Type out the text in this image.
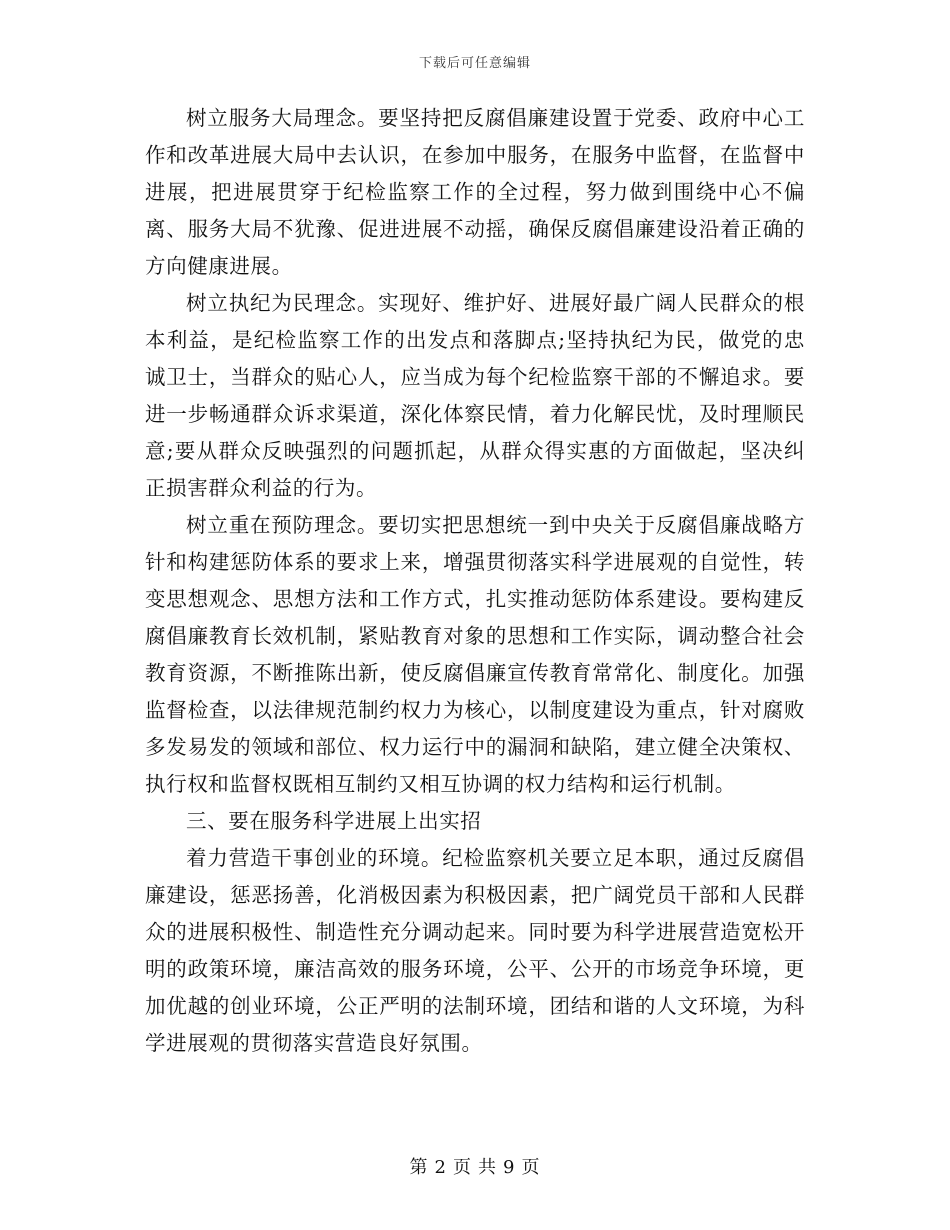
下载后可任意编辑

树立服务大局理念。要坚持把反腐倡廉建设置于党委、政府中心工作和改革进展大局中去认识，在参加中服务，在服务中监督，在监督中进展，把进展贯穿于纪检监察工作的全过程，努力做到围绕中心不偏离、服务大局不犹豫、促进进展不动摇，确保反腐倡廉建设沿着正确的方向健康进展。

树立执纪为民理念。实现好、维护好、进展好最广阔人民群众的根本利益，是纪检监察工作的出发点和落脚点;坚持执纪为民，做党的忠诚卫士，当群众的贴心人，应当成为每个纪检监察干部的不懈追求。要进一步畅通群众诉求渠道，深化体察民情，着力化解民忧，及时理顺民意;要从群众反映强烈的问题抓起，从群众得实惠的方面做起，坚决纠正损害群众利益的行为。

树立重在预防理念。要切实把思想统一到中央关于反腐倡廉战略方针和构建惩防体系的要求上来，增强贯彻落实科学进展观的自觉性，转变思想观念、思想方法和工作方式，扎实推动惩防体系建设。要构建反腐倡廉教育长效机制，紧贴教育对象的思想和工作实际，调动整合社会教育资源，不断推陈出新，使反腐倡廉宣传教育常常化、制度化。加强监督检查，以法律规范制约权力为核心，以制度建设为重点，针对腐败多发易发的领域和部位、权力运行中的漏洞和缺陷，建立健全决策权、执行权和监督权既相互制约又相互协调的权力结构和运行机制。

三、要在服务科学进展上出实招

着力营造干事创业的环境。纪检监察机关要立足本职，通过反腐倡廉建设，惩恶扬善，化消极因素为积极因素，把广阔党员干部和人民群众的进展积极性、制造性充分调动起来。同时要为科学进展营造宽松开明的政策环境，廉洁高效的服务环境，公平、公开的市场竞争环境，更加优越的创业环境，公正严明的法制环境，团结和谐的人文环境，为科学进展观的贯彻落实营造良好氛围。

第 2 页 共 9 页
